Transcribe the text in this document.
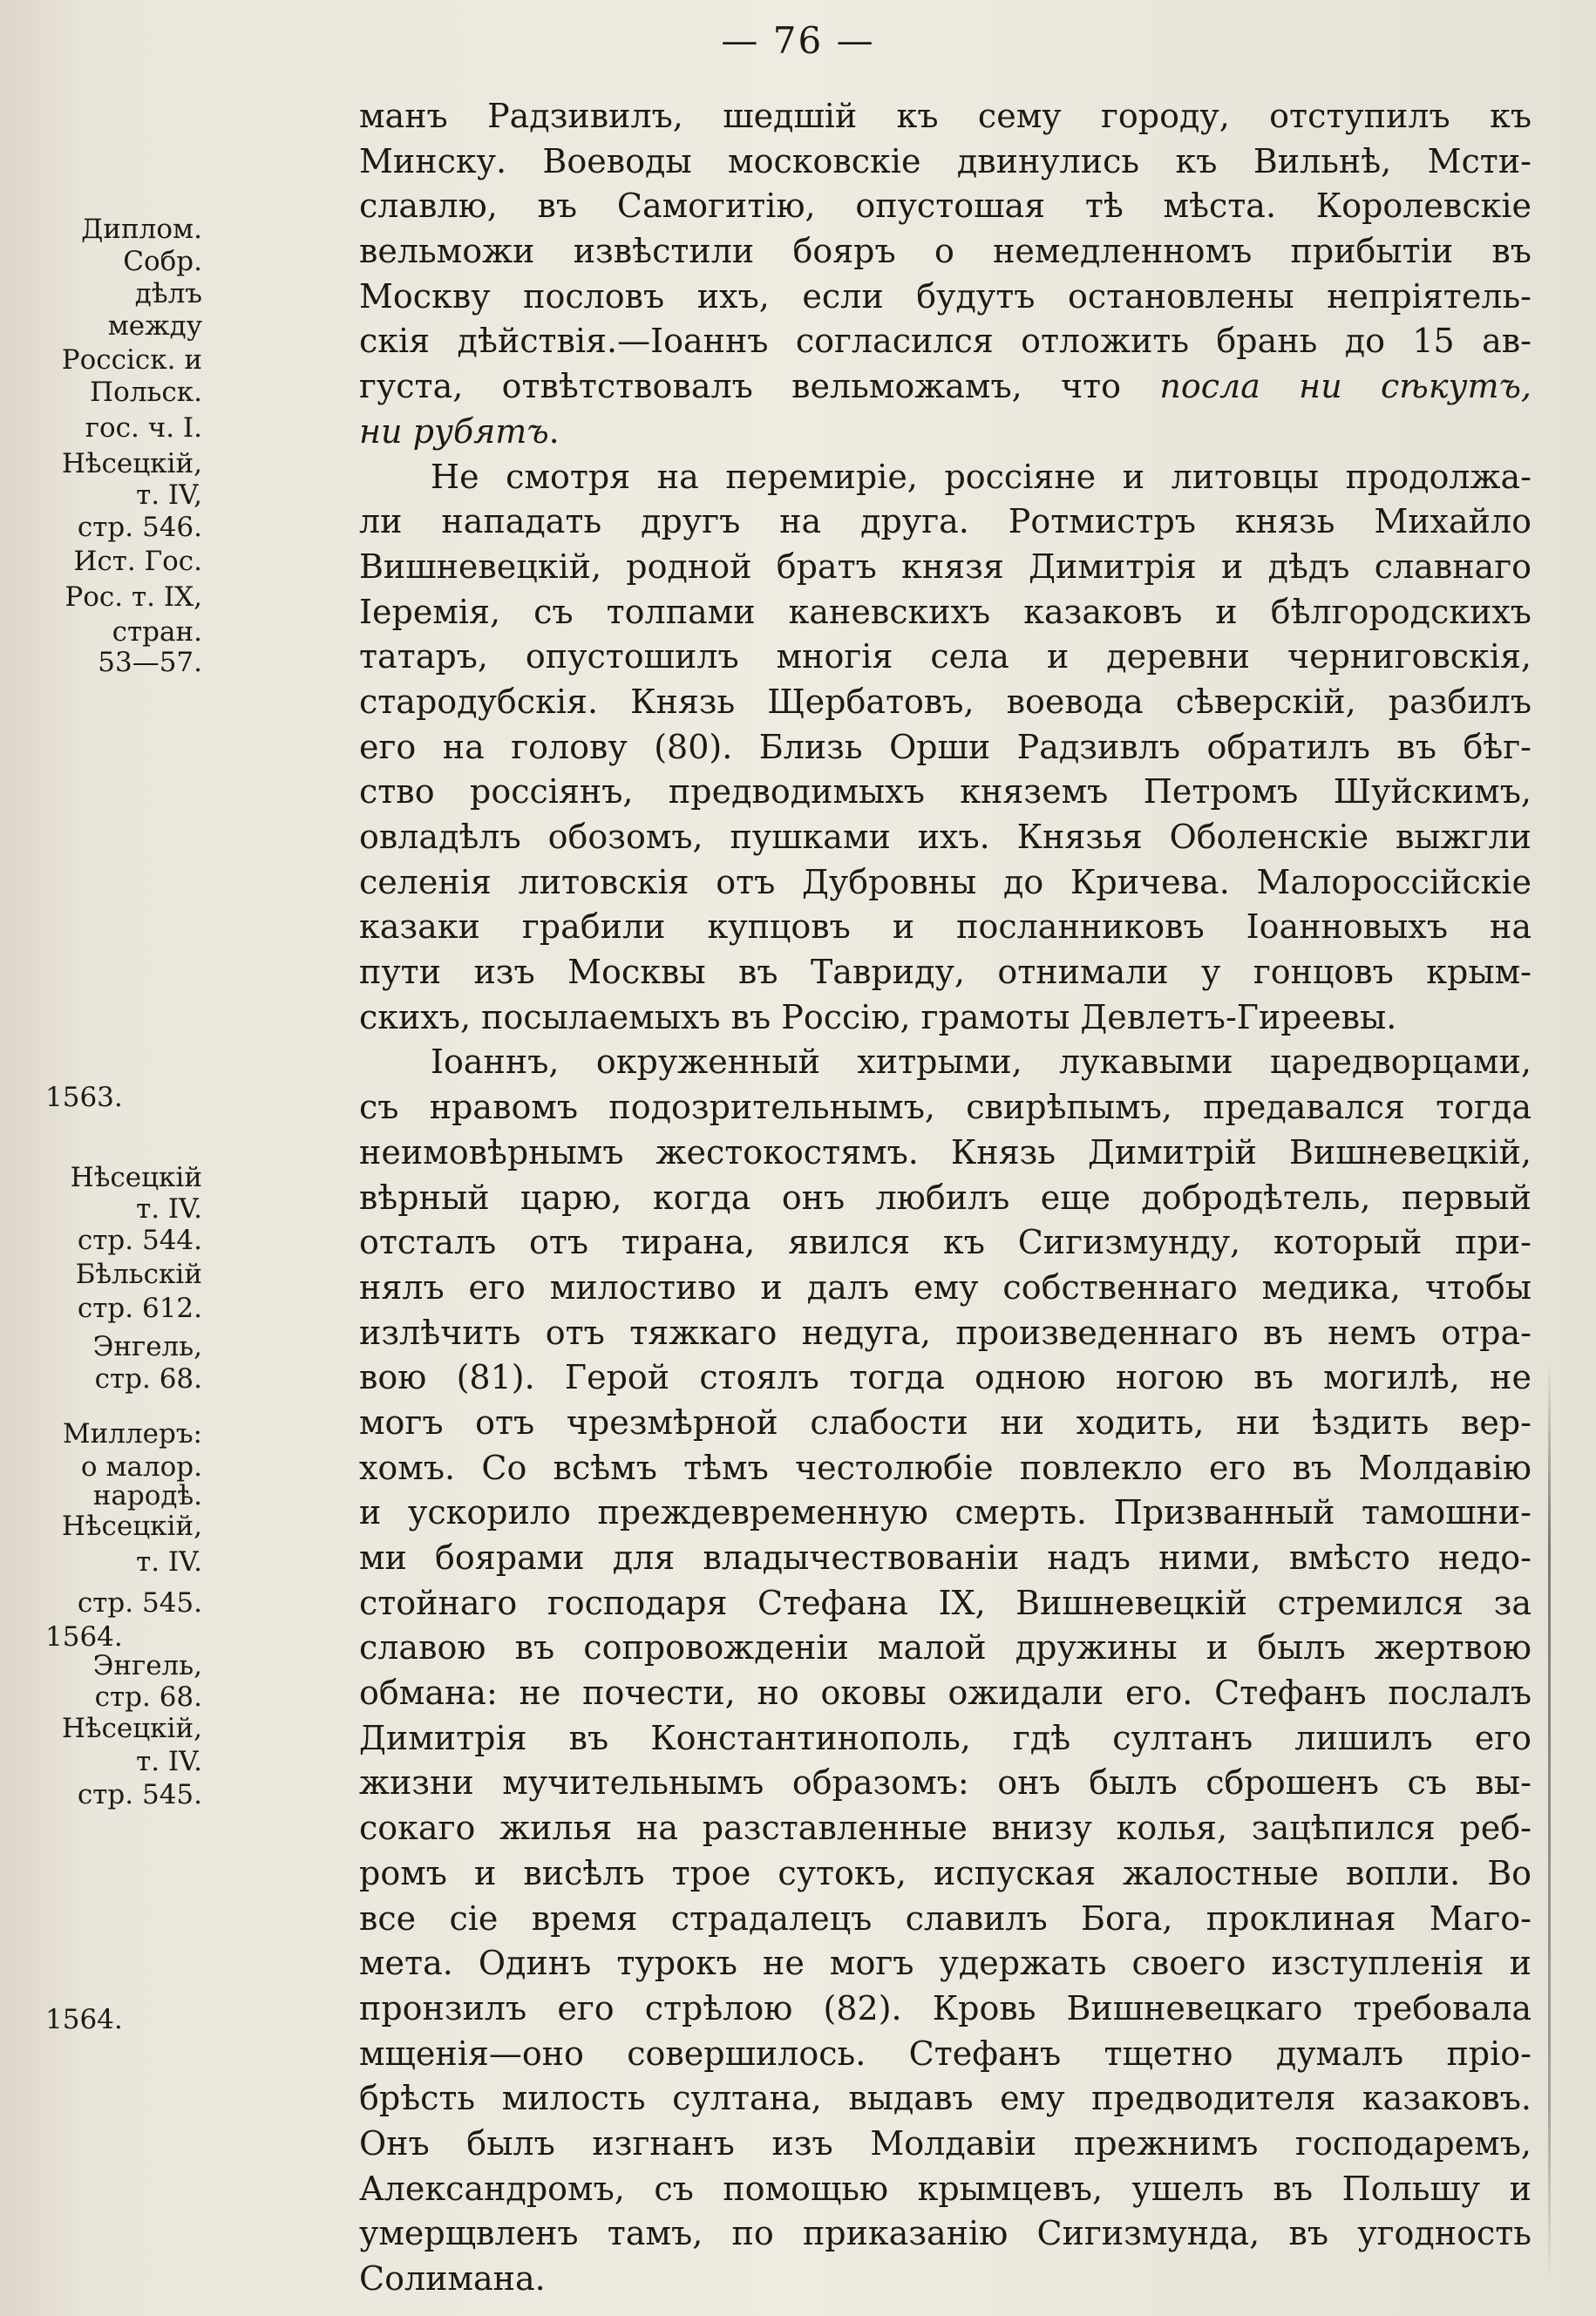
— 76 —
манъ Радзивилъ, шедшій къ сему городу, отступилъ къ
Минску. Воеводы московскіе двинулись къ Вильнѣ, Мсти-
славлю, въ Самогитію, опустошая тѣ мѣста. Королевскіе
вельможи извѣстили бояръ о немедленномъ прибытіи въ
Москву пословъ ихъ, если будутъ остановлены непріятель-
скія дѣйствія.—Іоаннъ согласился отложить брань до 15 ав-
густа, отвѣтствовалъ вельможамъ, что посла ни сѣкутъ,
ни рубятъ.
Не смотря на перемиріе, россіяне и литовцы продолжа-
ли нападать другъ на друга. Ротмистръ князь Михайло
Вишневецкій, родной братъ князя Димитрія и дѣдъ славнаго
Іеремія, съ толпами каневскихъ казаковъ и бѣлгородскихъ
татаръ, опустошилъ многія села и деревни черниговскія,
стародубскія. Князь Щербатовъ, воевода сѣверскій, разбилъ
его на голову (80). Близь Орши Радзивлъ обратилъ въ бѣг-
ство россіянъ, предводимыхъ княземъ Петромъ Шуйскимъ,
овладѣлъ обозомъ, пушками ихъ. Князья Оболенскіе выжгли
селенія литовскія отъ Дубровны до Кричева. Малороссійскіе
казаки грабили купцовъ и посланниковъ Іоанновыхъ на
пути изъ Москвы въ Тавриду, отнимали у гонцовъ крым-
скихъ, посылаемыхъ въ Россію, грамоты Девлетъ-Гиреевы.
Іоаннъ, окруженный хитрыми, лукавыми царедворцами,
съ нравомъ подозрительнымъ, свирѣпымъ, предавался тогда
неимовѣрнымъ жестокостямъ. Князь Димитрій Вишневецкій,
вѣрный царю, когда онъ любилъ еще добродѣтель, первый
отсталъ отъ тирана, явился къ Сигизмунду, который при-
нялъ его милостиво и далъ ему собственнаго медика, чтобы
излѣчить отъ тяжкаго недуга, произведеннаго въ немъ отра-
вою (81). Герой стоялъ тогда одною ногою въ могилѣ, не
могъ отъ чрезмѣрной слабости ни ходить, ни ѣздить вер-
хомъ. Со всѣмъ тѣмъ честолюбіе повлекло его въ Молдавію
и ускорило преждевременную смерть. Призванный тамошни-
ми боярами для владычествованіи надъ ними, вмѣсто недо-
стойнаго господаря Стефана IX, Вишневецкій стремился за
славою въ сопровожденіи малой дружины и былъ жертвою
обмана: не почести, но оковы ожидали его. Стефанъ послалъ
Димитрія въ Константинополь, гдѣ султанъ лишилъ его
жизни мучительнымъ образомъ: онъ былъ сброшенъ съ вы-
сокаго жилья на разставленные внизу колья, зацѣпился реб-
ромъ и висѣлъ трое сутокъ, испуская жалостные вопли. Во
все сіе время страдалецъ славилъ Бога, проклиная Маго-
мета. Одинъ турокъ не могъ удержать своего изступленія и
пронзилъ его стрѣлою (82). Кровь Вишневецкаго требовала
мщенія—оно совершилось. Стефанъ тщетно думалъ пріо-
брѣсть милость султана, выдавъ ему предводителя казаковъ.
Онъ былъ изгнанъ изъ Молдавіи прежнимъ господаремъ,
Александромъ, съ помощью крымцевъ, ушелъ въ Польшу и
умерщвленъ тамъ, по приказанію Сигизмунда, въ угодность
Солимана.
Диплом.
Собр.
дѣлъ
между
Россіск. и
Польск.
гос. ч. I.
Нѣсецкій,
т. IV,
стр. 546.
Ист. Гос.
Рос. т. IX,
стран.
53—57.
1563.
Нѣсецкій
т. IV.
стр. 544.
Бѣльскій
стр. 612.
Энгель,
стр. 68.
Миллеръ:
о малор.
народѣ.
Нѣсецкій,
т. IV.
стр. 545.
1564.
Энгель,
стр. 68.
Нѣсецкій,
т. IV.
стр. 545.
1564.
